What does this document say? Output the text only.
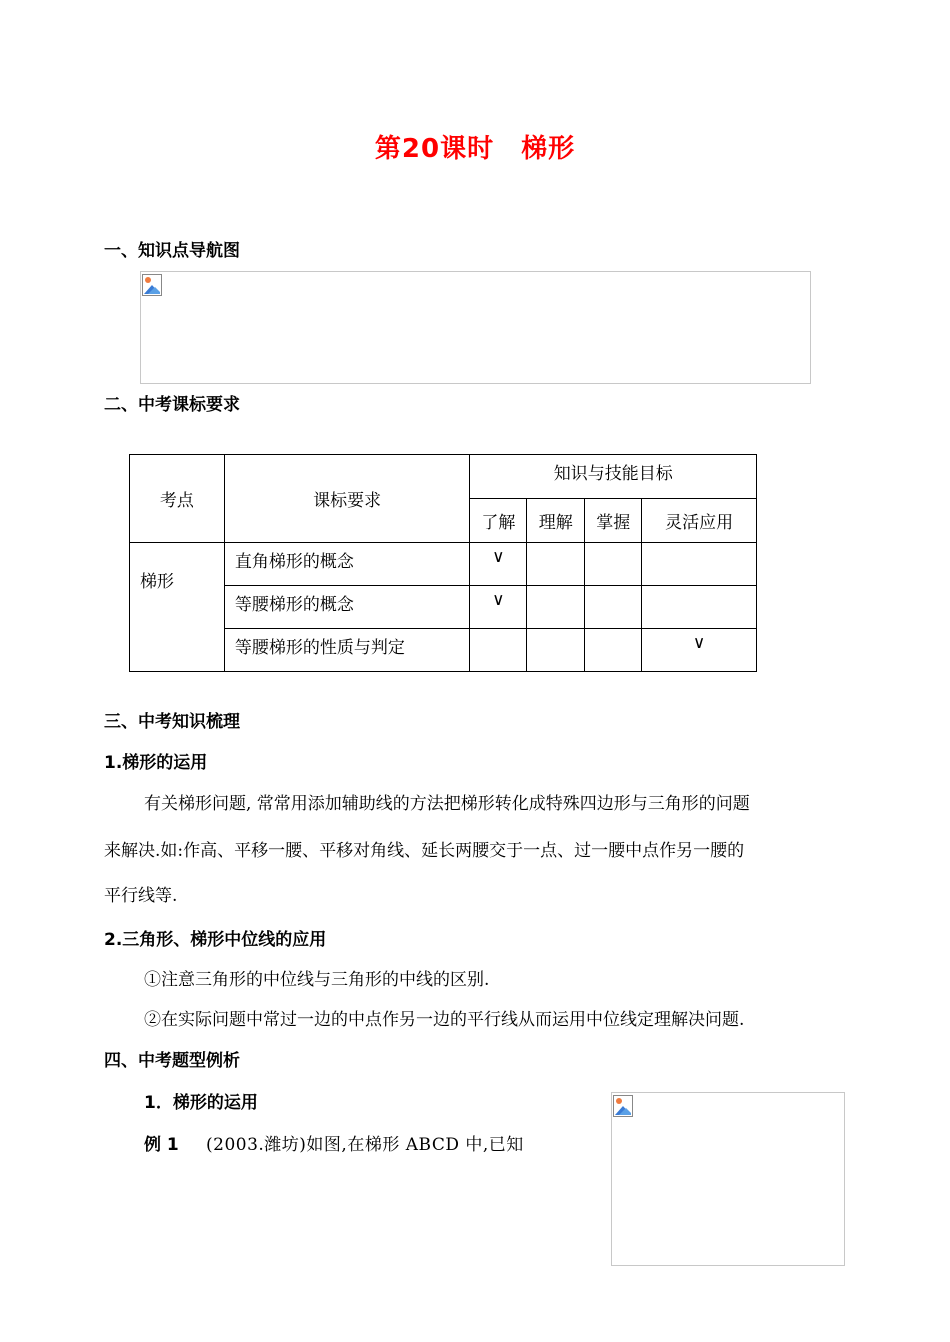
第20课时　梯形
一、知识点导航图
二、中考课标要求
考点	课标要求	知识与技能目标			
		了解	理解	掌握	灵活应用
梯形	直角梯形的概念	∨			
	等腰梯形的概念	∨			
	等腰梯形的性质与判定				∨
三、中考知识梳理
1.梯形的运用
有关梯形问题, 常常用添加辅助线的方法把梯形转化成特殊四边形与三角形的问题
来解决.如:作高、平移一腰、平移对角线、延长两腰交于一点、过一腰中点作另一腰的
平行线等.
2.三角形、梯形中位线的应用
①注意三角形的中位线与三角形的中线的区别.
②在实际问题中常过一边的中点作另一边的平行线从而运用中位线定理解决问题.
四、中考题型例析
1．梯形的运用
例 1 (2003.潍坊)如图,在梯形 ABCD 中,已知
